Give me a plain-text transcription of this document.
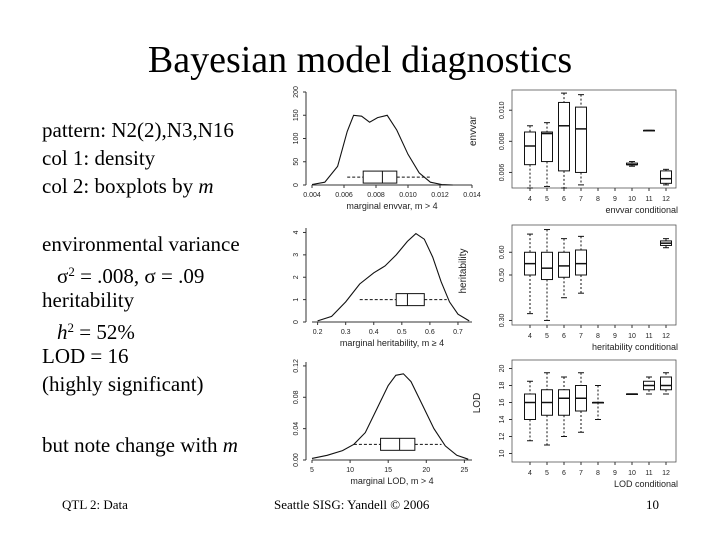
Bayesian model diagnostics
pattern: N2(2),N3,N16
col 1: density
col 2: boxplots by m
environmental variance
$\sigma^2 = .008$, σ = .09
heritability
$h^2 = 52\%$
LOD = 16
(highly significant)
but note change with m
0.004 0.006 0.008 0.010 0.012 0.014
0
50
100
150
200
marginal envvar, m > 4
0.2	0.3	0.4	0.5	0.6	0.7
0
1
2
3
4
marginal heritability, m ≥ 4
heritability
5	10	15	20	25
0.00
0.04
0.08
0.12
marginal LOD, m > 4
4 5 6 7 8 9 10 11 12
0.006
0.008
0.010
envvar conditional
envvar
4 5 6 7 8 9 10 11 12
0.30
0.50
0.60
heritability conditional
4 5 6 7 8 9 10 11 12
10
12
14
16
18
20
LOD conditional
LOD
QTL 2: Data	Seattle SISG: Yandell © 2006	10
